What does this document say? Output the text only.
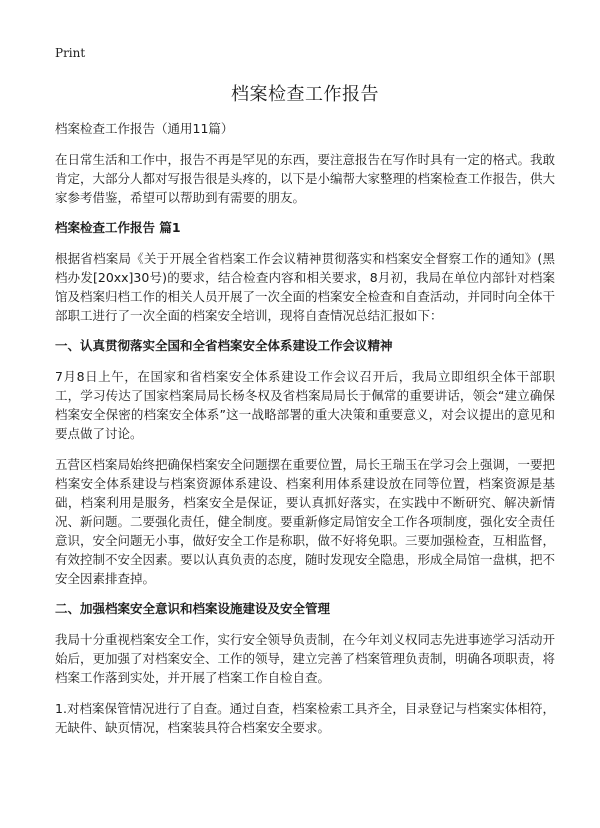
Print
档案检查工作报告
档案检查工作报告（通用11篇）

在日常生活和工作中，报告不再是罕见的东西，要注意报告在写作时具有一定的格式。我敢肯定，大部分人都对写报告很是头疼的，以下是小编帮大家整理的档案检查工作报告，供大家参考借鉴，希望可以帮助到有需要的朋友。

档案检查工作报告 篇1

根据省档案局《关于开展全省档案工作会议精神贯彻落实和档案安全督察工作的通知》(黑档办发[20xx]30号)的要求，结合检查内容和相关要求，8月初，我局在单位内部针对档案馆及档案归档工作的相关人员开展了一次全面的档案安全检查和自查活动，并同时向全体干部职工进行了一次全面的档案安全培训，现将自查情况总结汇报如下：

一、认真贯彻落实全国和全省档案安全体系建设工作会议精神

7月8日上午，在国家和省档案安全体系建设工作会议召开后，我局立即组织全体干部职工，学习传达了国家档案局局长杨冬权及省档案局局长于佩常的重要讲话，领会“建立确保档案安全保密的档案安全体系”这一战略部署的重大决策和重要意义，对会议提出的意见和要点做了讨论。

五营区档案局始终把确保档案安全问题摆在重要位置，局长王瑞玉在学习会上强调，一要把档案安全体系建设与档案资源体系建设、档案利用体系建设放在同等位置，档案资源是基础，档案利用是服务，档案安全是保证，要认真抓好落实，在实践中不断研究、解决新情况、新问题。二要强化责任，健全制度。要重新修定局馆安全工作各项制度，强化安全责任意识，安全问题无小事，做好安全工作是称职，做不好将免职。三要加强检查，互相监督，有效控制不安全因素。要以认真负责的态度，随时发现安全隐患，形成全局馆一盘棋，把不安全因素排查掉。

二、加强档案安全意识和档案设施建设及安全管理

我局十分重视档案安全工作，实行安全领导负责制，在今年刘义权同志先进事迹学习活动开始后，更加强了对档案安全、工作的领导，建立完善了档案管理负责制，明确各项职责，将档案工作落到实处，并开展了档案工作自检自查。

1.对档案保管情况进行了自查。通过自查，档案检索工具齐全，目录登记与档案实体相符，无缺件、缺页情况，档案装具符合档案安全要求。
